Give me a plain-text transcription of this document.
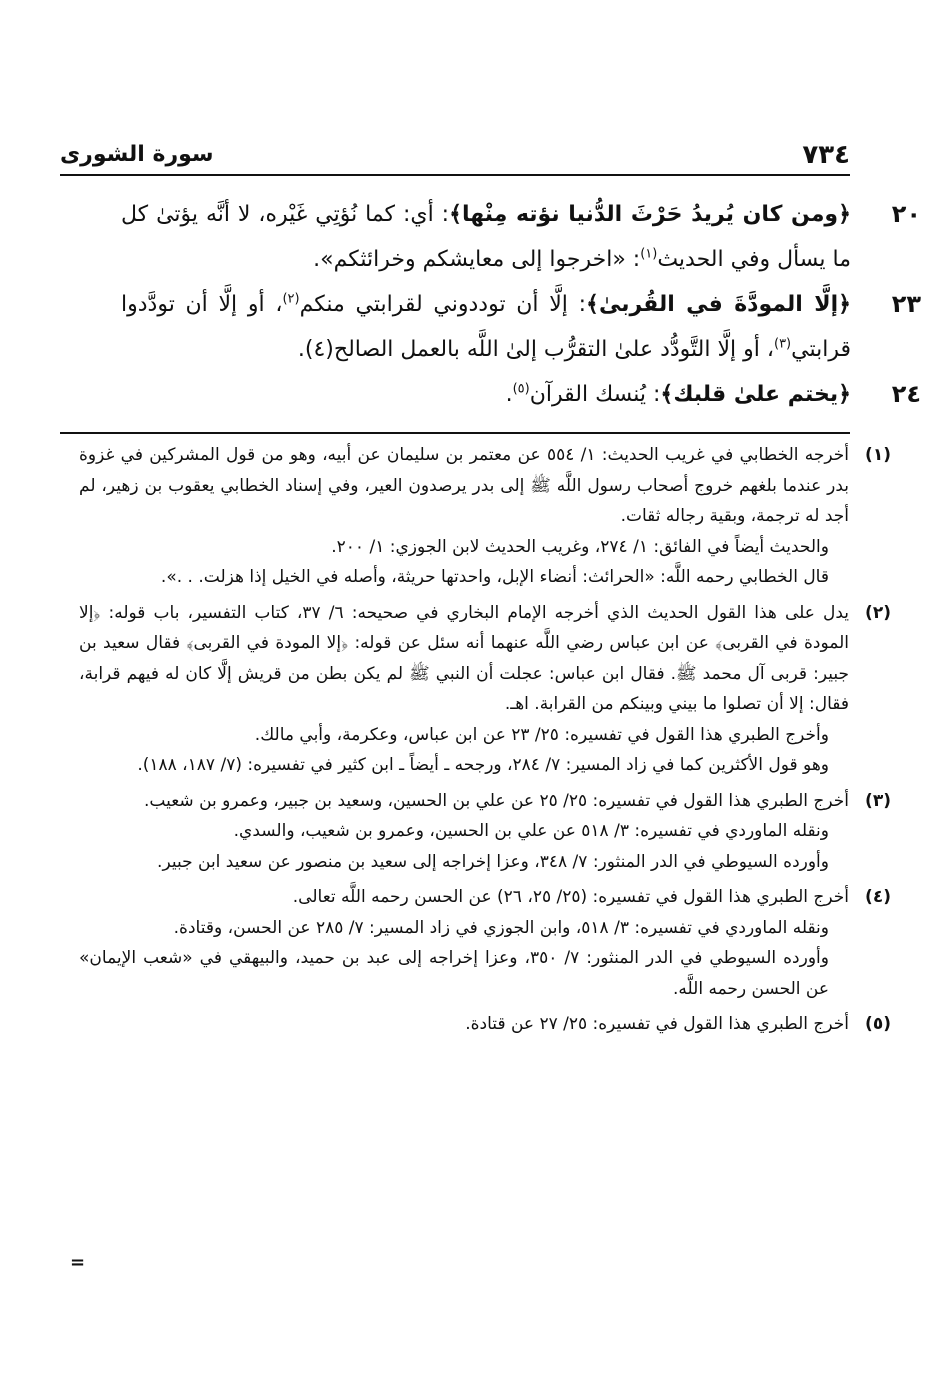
٧٣٤
سورة الشورى
٢٠
﴿ومن كان يُريدُ حَرْثَ الدُّنيا نؤته مِنْها﴾: أي: كما نُؤتِي غَيْره، لا أنَّه يؤتىٰ كل ما يسأل وفي الحديث$^{(١)}$: «اخرجوا إلى معايشكم وخرائثكم».
٢٣
﴿إلَّا المودَّةَ في القُربىٰ﴾: إلَّا أن توددوني لقرابتي منكم$^{(٢)}$، أو إلَّا أن تودَّدوا قرابتي$^{(٣)}$، أو إلَّا التَّودُّد علىٰ التقرُّب إلىٰ اللَّه بالعمل الصالح(٤).
٢٤
﴿يختم علىٰ قلبك﴾: يُنسك القرآن$^{(٥)}$.
(١)

أخرجه الخطابي في غريب الحديث: ١/ ٥٥٤ عن معتمر بن سليمان عن أبيه، وهو من قول المشركين في غزوة بدر عندما بلغهم خروج أصحاب رسول اللَّه ﷺ إلى بدر يرصدون العير، وفي إسناد الخطابي يعقوب بن زهير، لم أجد له ترجمة، وبقية رجاله ثقات.

والحديث أيضاً في الفائق: ١/ ٢٧٤، وغريب الحديث لابن الجوزي: ١/ ٢٠٠.

قال الخطابي رحمه اللَّه: «الحرائث: أنضاء الإبل، واحدتها حريثة، وأصله في الخيل إذا هزلت. . .».

(٢)

يدل على هذا القول الحديث الذي أخرجه الإمام البخاري في صحيحه: ٦/ ٣٧، كتاب التفسير، باب قوله: ﴿إلا المودة في القربى﴾ عن ابن عباس رضي اللَّه عنهما أنه سئل عن قوله: ﴿إلا المودة في القربى﴾ فقال سعيد بن جبير: قربى آل محمد ﷺ. فقال ابن عباس: عجلت أن النبي ﷺ لم يكن بطن من قريش إلَّا كان له فيهم قرابة، فقال: إلا أن تصلوا ما بيني وبينكم من القرابة. اهـ.

وأخرج الطبري هذا القول في تفسيره: ٢٥/ ٢٣ عن ابن عباس، وعكرمة، وأبي مالك.

وهو قول الأكثرين كما في زاد المسير: ٧/ ٢٨٤، ورجحه ـ أيضاً ـ ابن كثير في تفسيره: (٧/ ١٨٧، ١٨٨).

(٣)

أخرج الطبري هذا القول في تفسيره: ٢٥/ ٢٥ عن علي بن الحسين، وسعيد بن جبير، وعمرو بن شعيب.

ونقله الماوردي في تفسيره: ٣/ ٥١٨ عن علي بن الحسين، وعمرو بن شعيب، والسدي.

وأورده السيوطي في الدر المنثور: ٧/ ٣٤٨، وعزا إخراجه إلى سعيد بن منصور عن سعيد ابن جبير.

(٤)

أخرج الطبري هذا القول في تفسيره: (٢٥/ ٢٥، ٢٦) عن الحسن رحمه اللَّه تعالى.

ونقله الماوردي في تفسيره: ٣/ ٥١٨، وابن الجوزي في زاد المسير: ٧/ ٢٨٥ عن الحسن، وقتادة.

وأورده السيوطي في الدر المنثور: ٧/ ٣٥٠، وعزا إخراجه إلى عبد بن حميد، والبيهقي في «شعب الإيمان» عن الحسن رحمه اللَّه.

(٥)

أخرج الطبري هذا القول في تفسيره: ٢٥/ ٢٧ عن قتادة.

=
